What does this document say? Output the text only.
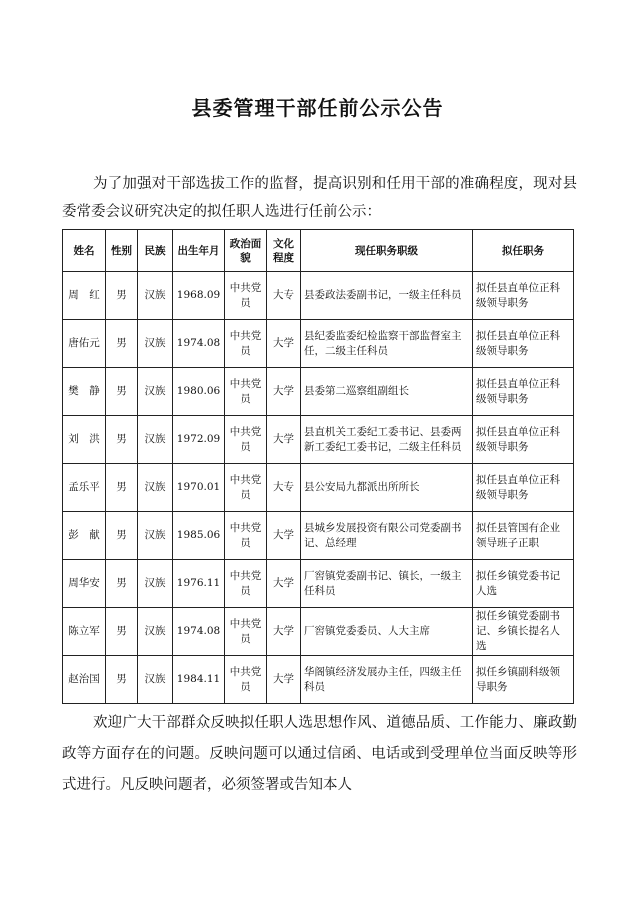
县委管理干部任前公示公告
为了加强对干部选拔工作的监督，提高识别和任用干部的准确程度，现对县委常委会议研究决定的拟任职人选进行任前公示：
姓名	性别	民族	出生年月	政治面貌	文化程度	现任职务职级	拟任职务
周　红	男	汉族	1968.09	中共党员	大专	县委政法委副书记，一级主任科员	拟任县直单位正科级领导职务
唐佑元	男	汉族	1974.08	中共党员	大学	县纪委监委纪检监察干部监督室主任，二级主任科员	拟任县直单位正科级领导职务
樊　静	男	汉族	1980.06	中共党员	大学	县委第二巡察组副组长	拟任县直单位正科级领导职务
刘　洪	男	汉族	1972.09	中共党员	大学	县直机关工委纪工委书记、县委两新工委纪工委书记，二级主任科员	拟任县直单位正科级领导职务
孟乐平	男	汉族	1970.01	中共党员	大专	县公安局九都派出所所长	拟任县直单位正科级领导职务
彭　献	男	汉族	1985.06	中共党员	大学	县城乡发展投资有限公司党委副书记、总经理	拟任县管国有企业领导班子正职
周华安	男	汉族	1976.11	中共党员	大学	厂窖镇党委副书记、镇长，一级主任科员	拟任乡镇党委书记人选
陈立军	男	汉族	1974.08	中共党员	大学	厂窖镇党委委员、人大主席	拟任乡镇党委副书记、乡镇长提名人选
赵治国	男	汉族	1984.11	中共党员	大学	华阁镇经济发展办主任，四级主任科员	拟任乡镇副科级领导职务
欢迎广大干部群众反映拟任职人选思想作风、道德品质、工作能力、廉政勤政等方面存在的问题。反映问题可以通过信函、电话或到受理单位当面反映等形式进行。凡反映问题者，必须签署或告知本人
